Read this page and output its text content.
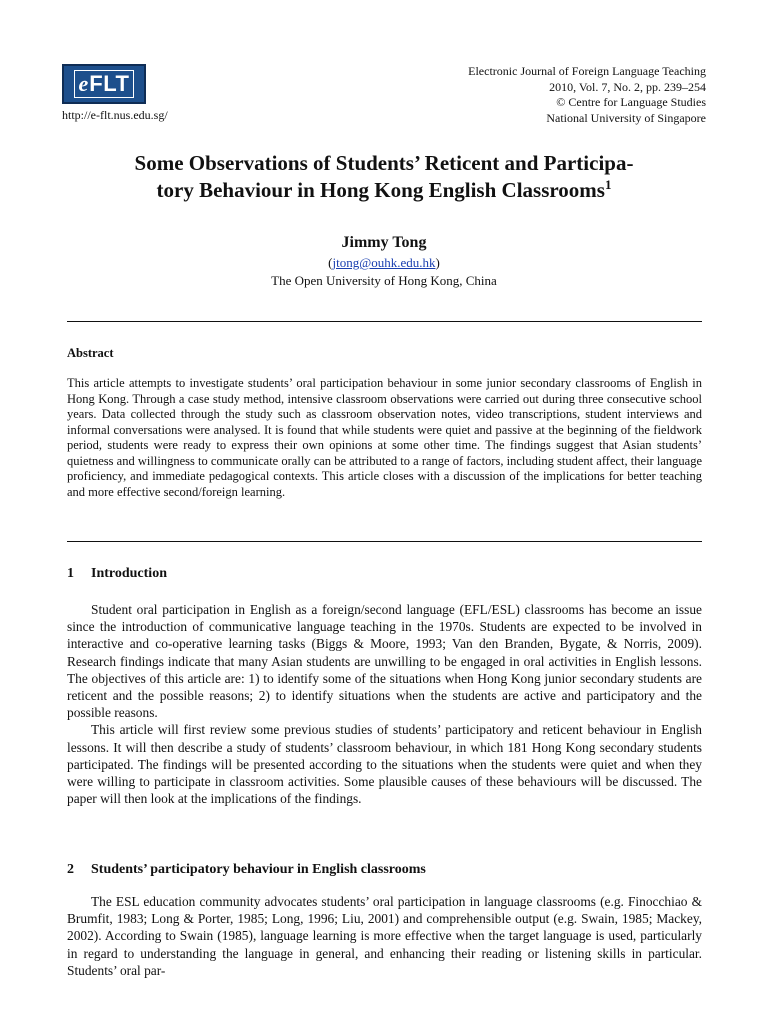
e FLT
http://e-flt.nus.edu.sg/
Electronic Journal of Foreign Language Teaching
2010, Vol. 7, No. 2, pp. 239–254
© Centre for Language Studies
National University of Singapore
Some Observations of Students’ Reticent and Participa-
tory Behaviour in Hong Kong English Classrooms$^1$
Jimmy Tong
(jtong@ouhk.edu.hk)
The Open University of Hong Kong, China
Abstract
This article attempts to investigate students’ oral participation behaviour in some junior secondary classrooms of English in Hong Kong. Through a case study method, intensive classroom observations were carried out during three consecutive school years. Data collected through the study such as classroom observation notes, video transcriptions, student interviews and informal conversations were analysed. It is found that while students were quiet and passive at the beginning of the fieldwork period, students were ready to express their own opinions at some other time. The findings suggest that Asian students’ quietness and willingness to communicate orally can be attributed to a range of factors, including student affect, their language proficiency, and immediate pedagogical contexts. This article closes with a discussion of the implications for better teaching and more effective second/foreign learning.
1 Introduction

Student oral participation in English as a foreign/second language (EFL/ESL) classrooms has become an issue since the introduction of communicative language teaching in the 1970s. Students are expected to be involved in interactive and co-operative learning tasks (Biggs & Moore, 1993; Van den Branden, Bygate, & Norris, 2009). Research findings indicate that many Asian students are unwilling to be engaged in oral activities in English lessons. The objectives of this article are: 1) to identify some of the situations when Hong Kong junior secondary students are reticent and the possible reasons; 2) to identify situations when the students are active and participatory and the possible reasons.

This article will first review some previous studies of students’ participatory and reticent behaviour in English lessons. It will then describe a study of students’ classroom behaviour, in which 181 Hong Kong secondary students participated. The findings will be presented according to the situations when the students were quiet and when they were willing to participate in classroom activities. Some plausible causes of these behaviours will be discussed. The paper will then look at the implications of the findings.

2 Students’ participatory behaviour in English classrooms

The ESL education community advocates students’ oral participation in language classrooms (e.g. Finocchiao & Brumfit, 1983; Long & Porter, 1985; Long, 1996; Liu, 2001) and comprehensible output (e.g. Swain, 1985; Mackey, 2002). According to Swain (1985), language learning is more effective when the target language is used, particularly in regard to understanding the language in general, and enhancing their reading or listening skills in particular. Students’ oral par-
